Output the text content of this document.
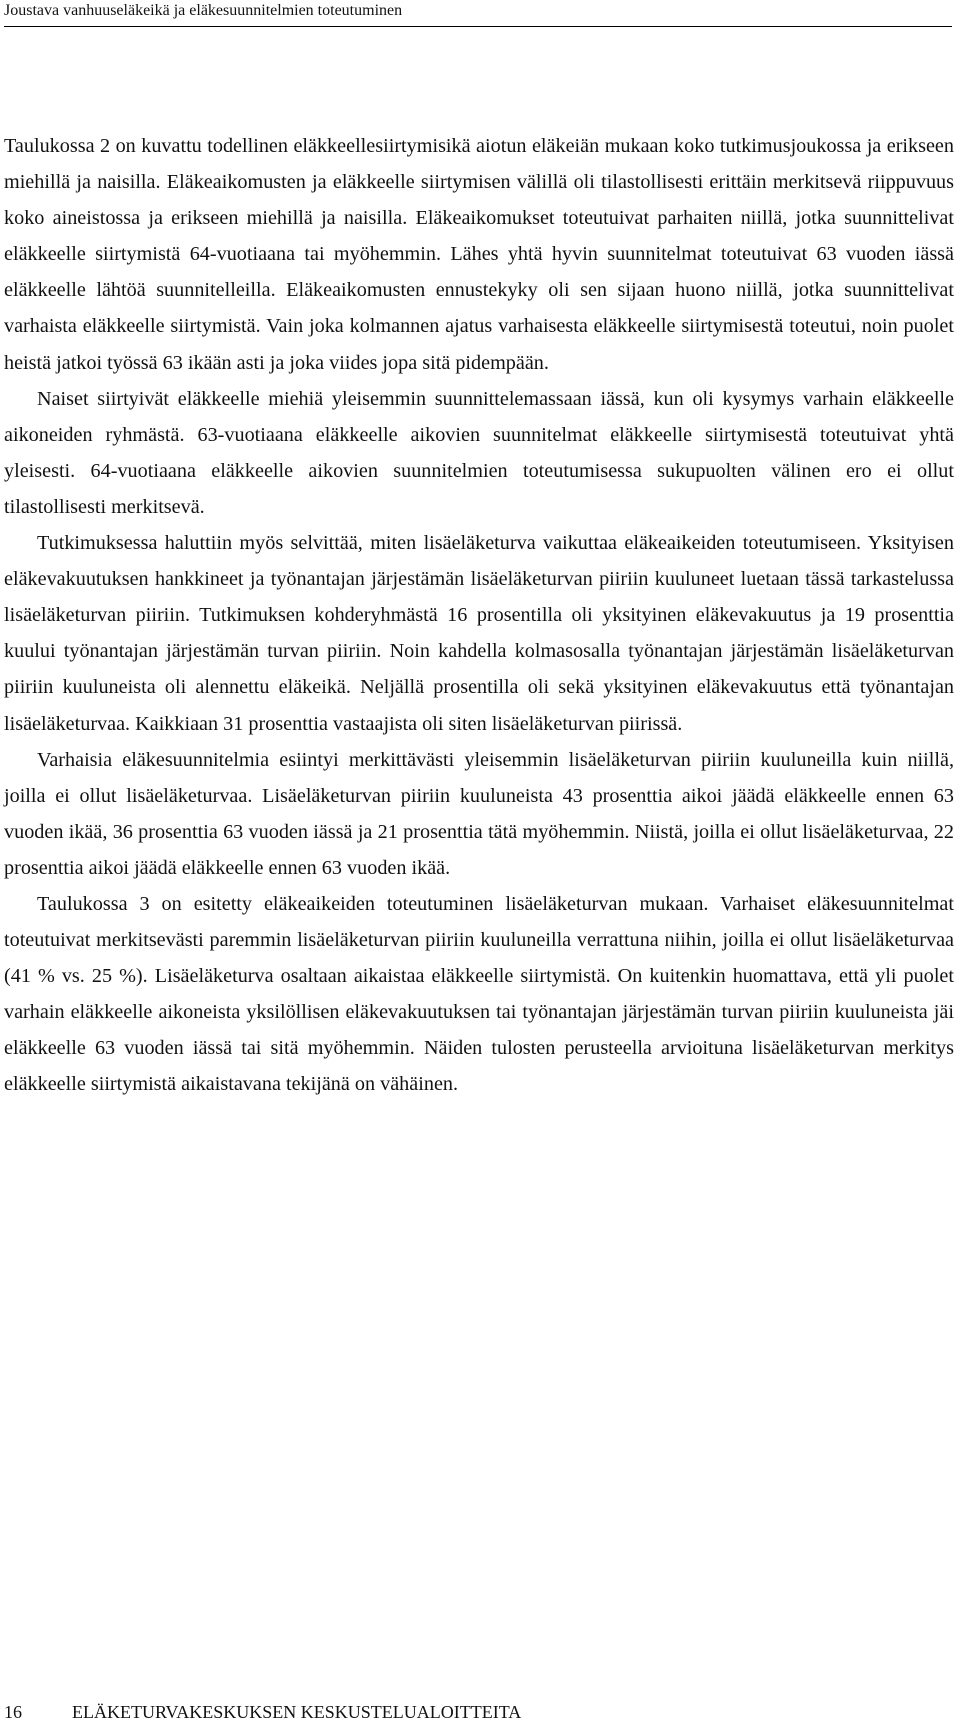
Joustava vanhuuseläkeikä ja eläkesuunnitelmien toteutuminen

Taulukossa 2 on kuvattu todellinen eläkkeellesiirtymisikä aiotun eläkeiän mukaan koko tutkimusjoukossa ja erikseen miehillä ja naisilla. Eläkeaikomusten ja eläkkeelle siirtymisen välillä oli tilastollisesti erittäin merkitsevä riippuvuus koko aineistossa ja erikseen miehillä ja naisilla. Eläkeaikomukset toteutuivat parhaiten niillä, jotka suunnittelivat eläkkeelle siirtymistä 64-vuotiaana tai myöhemmin. Lähes yhtä hyvin suunnitelmat toteutuivat 63 vuoden iässä eläkkeelle lähtöä suunnitelleilla. Eläkeaikomusten ennustekyky oli sen sijaan huono niillä, jotka suunnittelivat varhaista eläkkeelle siirtymistä. Vain joka kolmannen ajatus varhaisesta eläkkeelle siirtymisestä toteutui, noin puolet heistä jatkoi työssä 63 ikään asti ja joka viides jopa sitä pidempään.

Naiset siirtyivät eläkkeelle miehiä yleisemmin suunnittelemassaan iässä, kun oli kysymys varhain eläkkeelle aikoneiden ryhmästä. 63-vuotiaana eläkkeelle aikovien suunnitelmat eläkkeelle siirtymisestä toteutuivat yhtä yleisesti. 64-vuotiaana eläkkeelle aikovien suunnitelmien toteutumisessa sukupuolten välinen ero ei ollut tilastollisesti merkitsevä.

Tutkimuksessa haluttiin myös selvittää, miten lisäeläketurva vaikuttaa eläkeaikeiden toteutumiseen. Yksityisen eläkevakuutuksen hankkineet ja työnantajan järjestämän lisäeläketurvan piiriin kuuluneet luetaan tässä tarkastelussa lisäeläketurvan piiriin. Tutkimuksen kohderyhmästä 16 prosentilla oli yksityinen eläkevakuutus ja 19 prosenttia kuului työnantajan järjestämän turvan piiriin. Noin kahdella kolmasosalla työnantajan järjestämän lisäeläketurvan piiriin kuuluneista oli alennettu eläkeikä. Neljällä prosentilla oli sekä yksityinen eläkevakuutus että työnantajan lisäeläketurvaa. Kaikkiaan 31 prosenttia vastaajista oli siten lisäeläketurvan piirissä.

Varhaisia eläkesuunnitelmia esiintyi merkittävästi yleisemmin lisäeläketurvan piiriin kuuluneilla kuin niillä, joilla ei ollut lisäeläketurvaa. Lisäeläketurvan piiriin kuuluneista 43 prosenttia aikoi jäädä eläkkeelle ennen 63 vuoden ikää, 36 prosenttia 63 vuoden iässä ja 21 prosenttia tätä myöhemmin. Niistä, joilla ei ollut lisäeläketurvaa, 22 prosenttia aikoi jäädä eläkkeelle ennen 63 vuoden ikää.

Taulukossa 3 on esitetty eläkeaikeiden toteutuminen lisäeläketurvan mukaan. Varhaiset eläkesuunnitelmat toteutuivat merkitsevästi paremmin lisäeläketurvan piiriin kuuluneilla verrattuna niihin, joilla ei ollut lisäeläketurvaa (41 % vs. 25 %). Lisäeläketurva osaltaan aikaistaa eläkkeelle siirtymistä. On kuitenkin huomattava, että yli puolet varhain eläkkeelle aikoneista yksilöllisen eläkevakuutuksen tai työnantajan järjestämän turvan piiriin kuuluneista jäi eläkkeelle 63 vuoden iässä tai sitä myöhemmin. Näiden tulosten perusteella arvioituna lisäeläketurvan merkitys eläkkeelle siirtymistä aikaistavana tekijänä on vähäinen.

16	ELÄKETURVAKESKUKSEN KESKUSTELUALOITTEITA
